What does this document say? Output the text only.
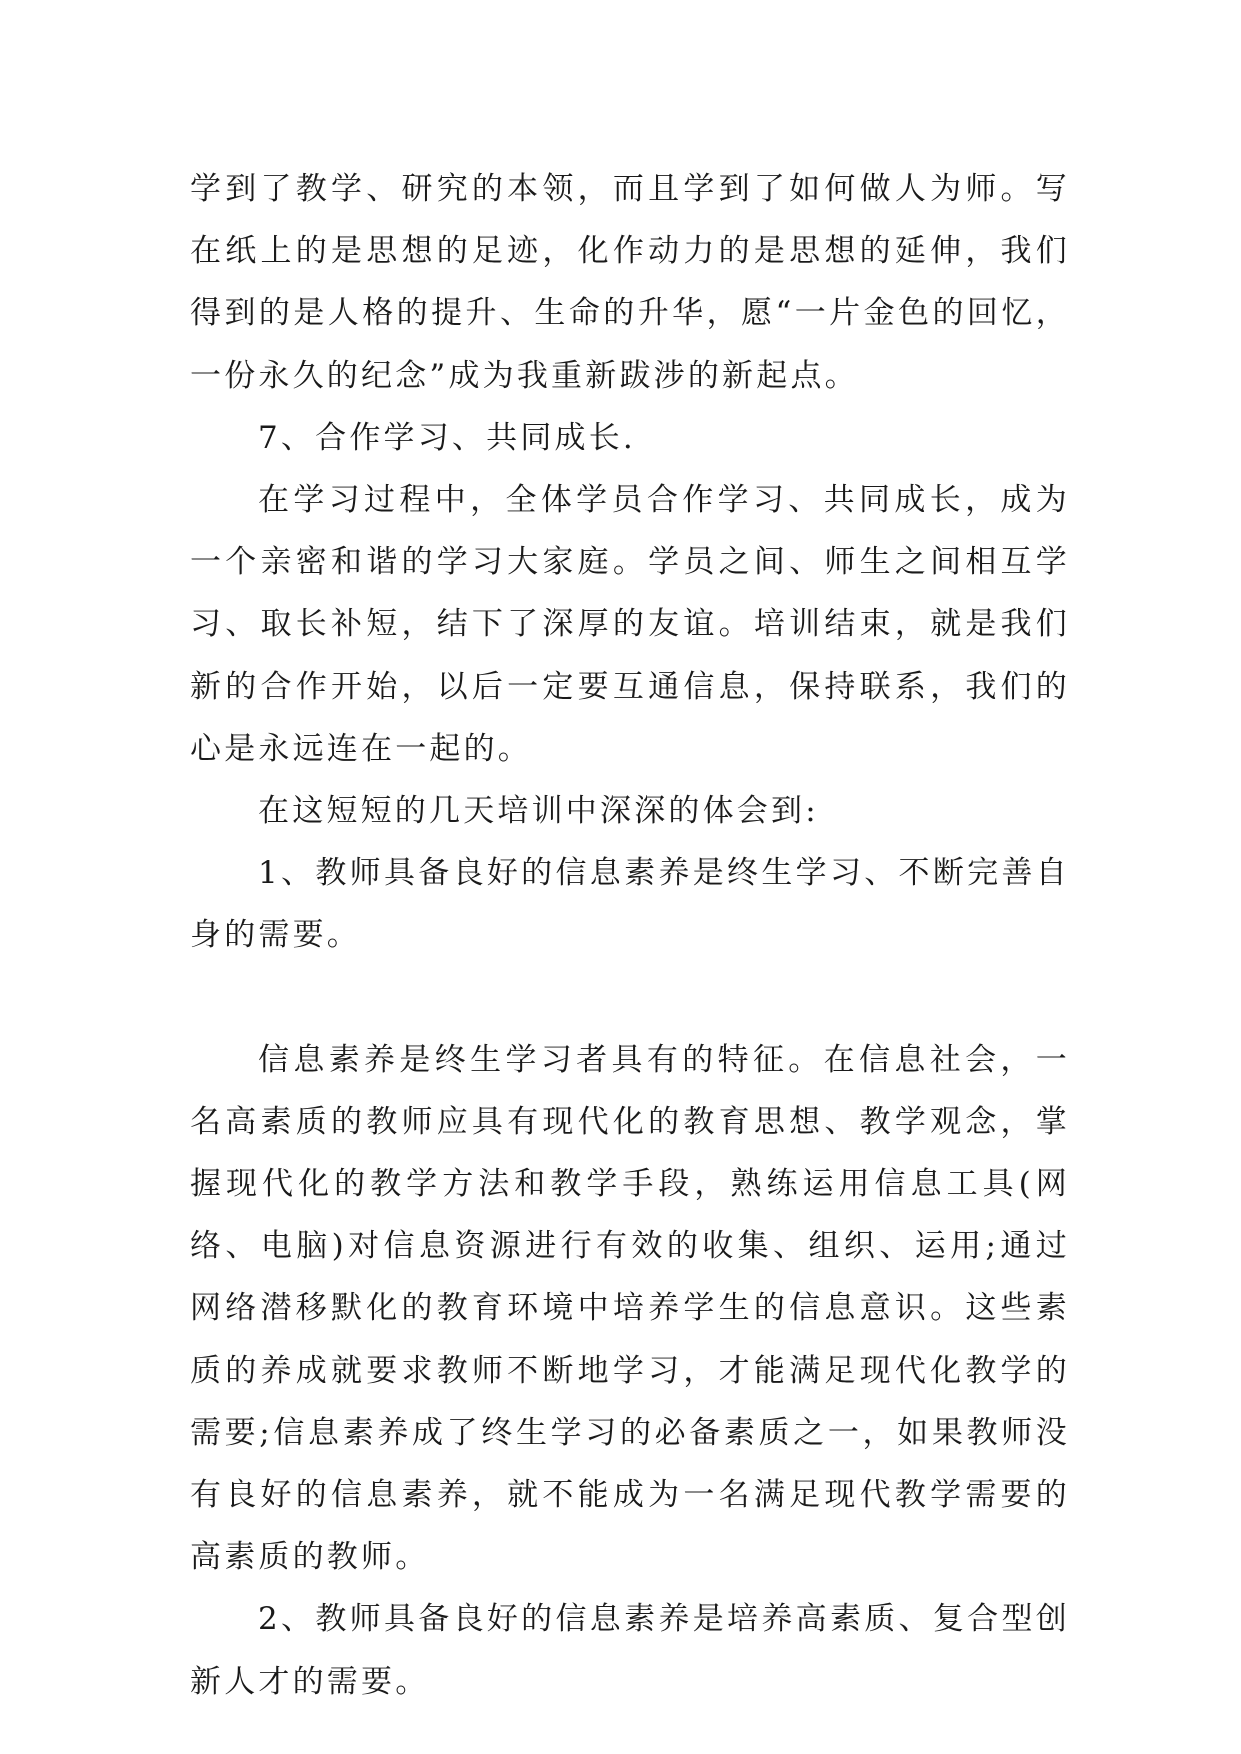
学到了教学、研究的本领，而且学到了如何做人为师。写在纸上的是思想的足迹，化作动力的是思想的延伸，我们得到的是人格的提升、生命的升华，愿“一片金色的回忆，一份永久的纪念”成为我重新跋涉的新起点。

7、合作学习、共同成长.

在学习过程中，全体学员合作学习、共同成长，成为一个亲密和谐的学习大家庭。学员之间、师生之间相互学习、取长补短，结下了深厚的友谊。培训结束，就是我们新的合作开始，以后一定要互通信息，保持联系，我们的心是永远连在一起的。

在这短短的几天培训中深深的体会到:

1、教师具备良好的信息素养是终生学习、不断完善自身的需要。

信息素养是终生学习者具有的特征。在信息社会，一名高素质的教师应具有现代化的教育思想、教学观念，掌握现代化的教学方法和教学手段，熟练运用信息工具(网络、电脑)对信息资源进行有效的收集、组织、运用;通过网络潜移默化的教育环境中培养学生的信息意识。这些素质的养成就要求教师不断地学习，才能满足现代化教学的需要;信息素养成了终生学习的必备素质之一，如果教师没有良好的信息素养，就不能成为一名满足现代教学需要的高素质的教师。

2、教师具备良好的信息素养是培养高素质、复合型创新人才的需要。
